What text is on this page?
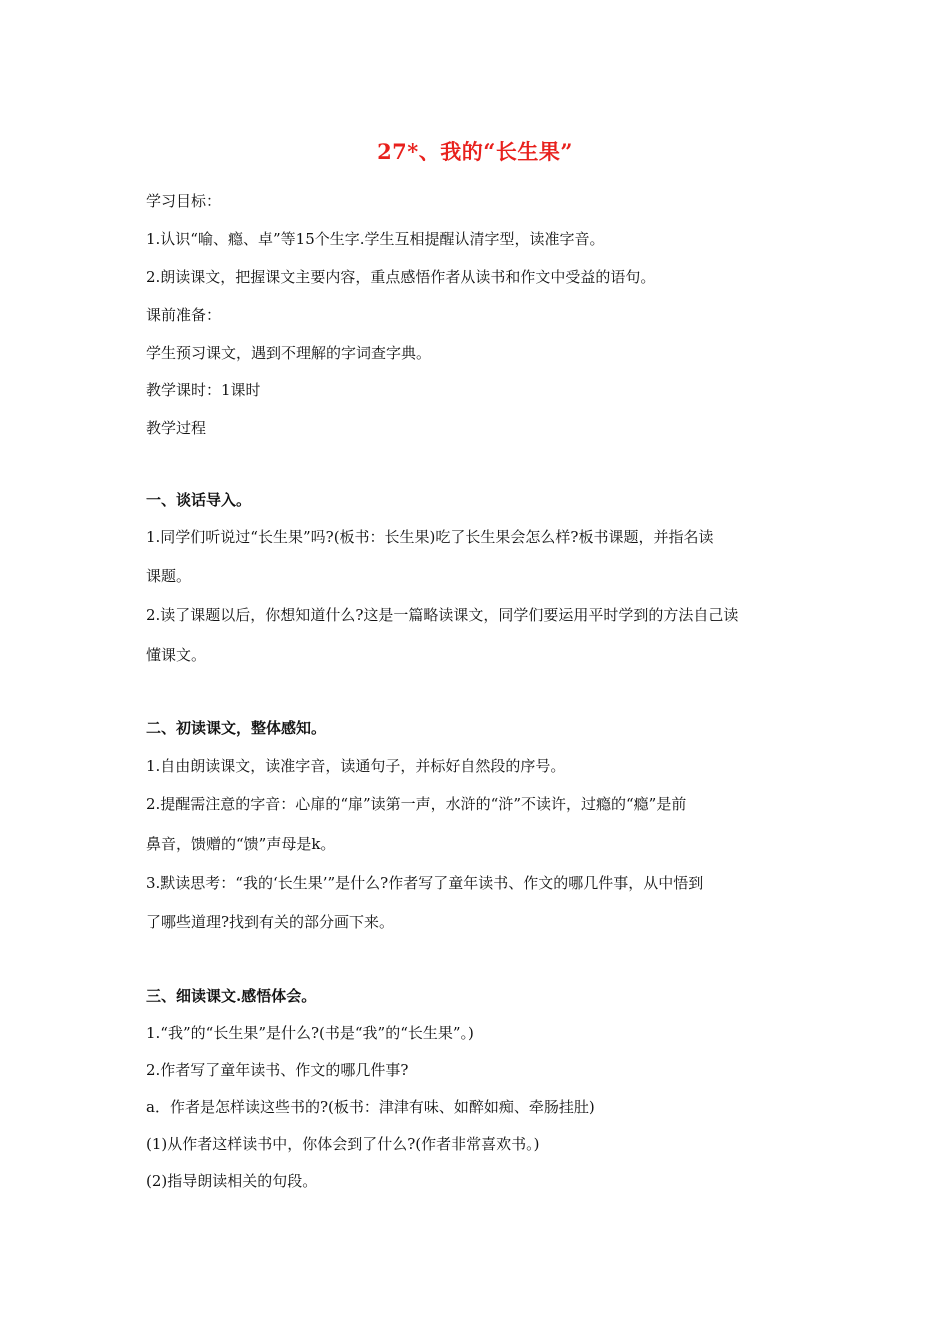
27*、我的“长生果”
学习目标：
1.认识“喻、瘾、卓”等15个生字.学生互相提醒认清字型，读准字音。
2.朗读课文，把握课文主要内容，重点感悟作者从读书和作文中受益的语句。
课前准备：
学生预习课文，遇到不理解的字词查字典。
教学课时：1课时
教学过程
一、谈话导入。
1.同学们听说过“长生果”吗?(板书：长生果)吃了长生果会怎么样?板书课题，并指名读
课题。
2.读了课题以后，你想知道什么?这是一篇略读课文，同学们要运用平时学到的方法自己读
懂课文。
二、初读课文，整体感知。
1.自由朗读课文，读准字音，读通句子，并标好自然段的序号。
2.提醒需注意的字音：心扉的“扉”读第一声，水浒的“浒”不读许，过瘾的“瘾”是前
鼻音，馈赠的“馈”声母是k。
3.默读思考：“我的‘长生果’”是什么?作者写了童年读书、作文的哪几件事，从中悟到
了哪些道理?找到有关的部分画下来。
三、细读课文.感悟体会。
1.“我”的“长生果”是什么?(书是“我”的“长生果”。)
2.作者写了童年读书、作文的哪几件事?
a．作者是怎样读这些书的?(板书：津津有味、如醉如痴、牵肠挂肚)
(1)从作者这样读书中，你体会到了什么?(作者非常喜欢书。)
(2)指导朗读相关的句段。
